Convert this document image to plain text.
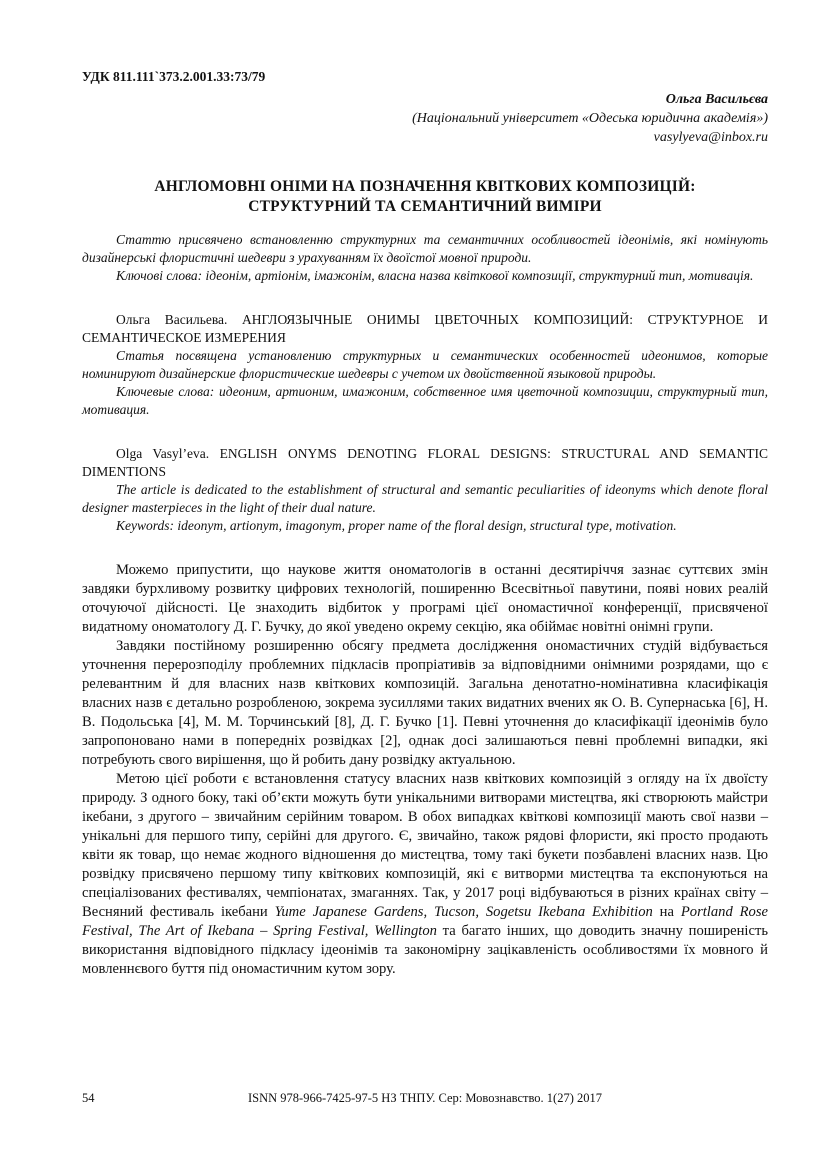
УДК 811.111`373.2.001.33:73/79

Ольга Васильєва
(Національний університет «Одеська юридична академія»)
vasylyeva@inbox.ru
АНГЛОМОВНІ ОНІМИ НА ПОЗНАЧЕННЯ КВІТКОВИХ КОМПОЗИЦІЙ:
СТРУКТУРНИЙ ТА СЕМАНТИЧНИЙ ВИМІРИ

Статтю присвячено встановленню структурних та семантичних особливостей ідеонімів, які номінують дизайнерські флористичні шедеври з урахуванням їх двоїстої мовної природи.

Ключові слова: ідеонім, артіонім, імажонім, власна назва квіткової композиції, структурний тип, мотивація.

Ольга Васильева. АНГЛОЯЗЫЧНЫЕ ОНИМЫ ЦВЕТОЧНЫХ КОМПОЗИЦИЙ: СТРУКТУРНОЕ И СЕМАНТИЧЕСКОЕ ИЗМЕРЕНИЯ

Статья посвящена установлению структурных и семантических особенностей идеонимов, которые номинируют дизайнерские флористические шедевры с учетом их двойственной языковой природы.

Ключевые слова: идеоним, артионим, имажоним, собственное имя цветочной композиции, структурный тип, мотивация.

Olga Vasyl’eva. ENGLISH ONYMS DENOTING FLORAL DESIGNS: STRUCTURAL AND SEMANTIC DIMENTIONS

The article is dedicated to the establishment of structural and semantic peculiarities of ideonyms which denote floral designer masterpieces in the light of their dual nature.

Keywords: ideonym, artionym, imagonym, proper name of the floral design, structural type, motivation.

Можемо припустити, що наукове життя ономатологів в останні десятиріччя зазнає суттєвих змін завдяки бурхливому розвитку цифрових технологій, поширенню Всесвітньої павутини, появі нових реалій оточуючої дійсності. Це знаходить відбиток у програмі цієї ономастичної конференції, присвяченої видатному ономатологу Д. Г. Бучку, до якої уведено окрему секцію, яка обіймає новітні онімні групи.

Завдяки постійному розширенню обсягу предмета дослідження ономастичних студій відбувається уточнення перерозподілу проблемних підкласів пропріативів за відповідними онімними розрядами, що є релевантним й для власних назв квіткових композицій. Загальна денотатно-номінативна класифікація власних назв є детально розробленою, зокрема зусиллями таких видатних вчених як О. В. Супернаська [6], Н. В. Подольська [4], М. М. Торчинський [8], Д. Г. Бучко [1]. Певні уточнення до класифікації ідеонімів було запропоновано нами в попередніх розвідках [2], однак досі залишаються певні проблемні випадки, які потребують свого вирішення, що й робить дану розвідку актуальною.

Метою цієї роботи є встановлення статусу власних назв квіткових композицій з огляду на їх двоїсту природу. З одного боку, такі об’єкти можуть бути унікальними витворами мистецтва, які створюють майстри ікебани, з другого – звичайним серійним товаром. В обох випадках квіткові композиції мають свої назви – унікальні для першого типу, серійні для другого. Є, звичайно, також рядові флористи, які просто продають квіти як товар, що немає жодного відношення до мистецтва, тому такі букети позбавлені власних назв. Цю розвідку присвячено першому типу квіткових композицій, які є витворми мистецтва та експонуються на спеціалізованих фестивалях, чемпіонатах, змаганнях. Так, у 2017 році відбуваються в різних країнах світу – Весняний фестиваль ікебани Yume Japanese Gardens, Tucson, Sogetsu Ikebana Exhibition на Portland Rose Festival, The Art of Ikebana – Spring Festival, Wellington та багато інших, що доводить значну поширеність використання відповідного підкласу ідеонімів та закономірну зацікавленість особливостями їх мовного й мовленнєвого буття під ономастичним кутом зору.

54	ISNN 978-966-7425-97-5 НЗ ТНПУ. Сер: Мовознавство. 1(27) 2017
